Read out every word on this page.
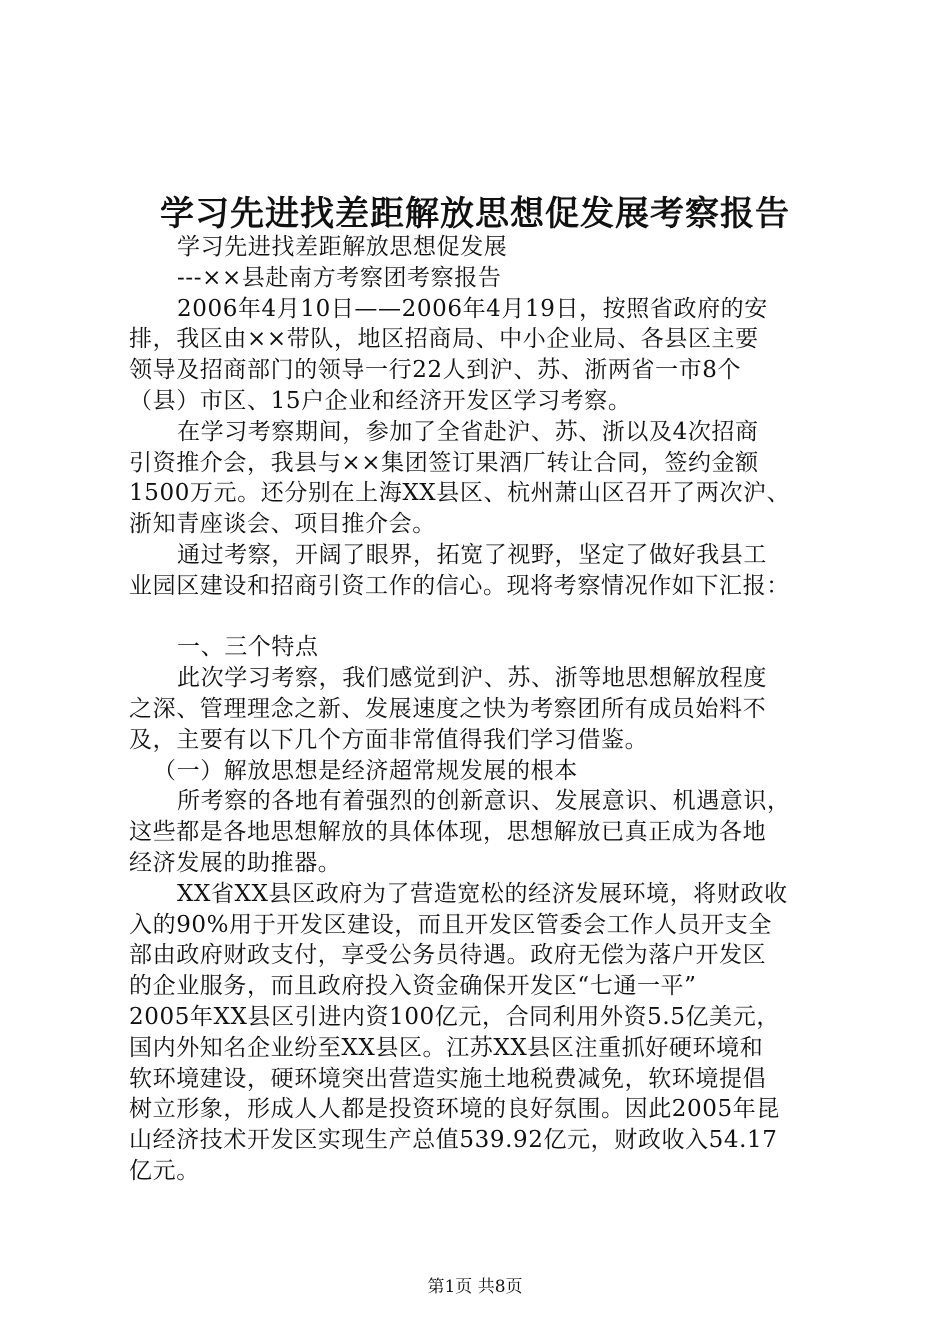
学习先进找差距解放思想促发展考察报告
学习先进找差距解放思想促发展
---××县赴南方考察团考察报告
2006年4月10日——2006年4月19日，按照省政府的安
排，我区由××带队，地区招商局、中小企业局、各县区主要
领导及招商部门的领导一行22人到沪、苏、浙两省一市8个
（县）市区、15户企业和经济开发区学习考察。
在学习考察期间，参加了全省赴沪、苏、浙以及4次招商
引资推介会，我县与××集团签订果酒厂转让合同，签约金额
1500万元。还分别在上海XX县区、杭州萧山区召开了两次沪、
浙知青座谈会、项目推介会。
通过考察，开阔了眼界，拓宽了视野，坚定了做好我县工
业园区建设和招商引资工作的信心。现将考察情况作如下汇报：
一、三个特点
此次学习考察，我们感觉到沪、苏、浙等地思想解放程度
之深、管理理念之新、发展速度之快为考察团所有成员始料不
及，主要有以下几个方面非常值得我们学习借鉴。
（一）解放思想是经济超常规发展的根本
所考察的各地有着强烈的创新意识、发展意识、机遇意识，
这些都是各地思想解放的具体体现，思想解放已真正成为各地
经济发展的助推器。
XX省XX县区政府为了营造宽松的经济发展环境，将财政收
入的90%用于开发区建设，而且开发区管委会工作人员开支全
部由政府财政支付，享受公务员待遇。政府无偿为落户开发区
的企业服务，而且政府投入资金确保开发区“七通一平”
2005年XX县区引进内资100亿元，合同利用外资5.5亿美元，
国内外知名企业纷至XX县区。江苏XX县区注重抓好硬环境和
软环境建设，硬环境突出营造实施土地税费减免，软环境提倡
树立形象，形成人人都是投资环境的良好氛围。因此2005年昆
山经济技术开发区实现生产总值539.92亿元，财政收入54.17
亿元。
第1页 共8页
